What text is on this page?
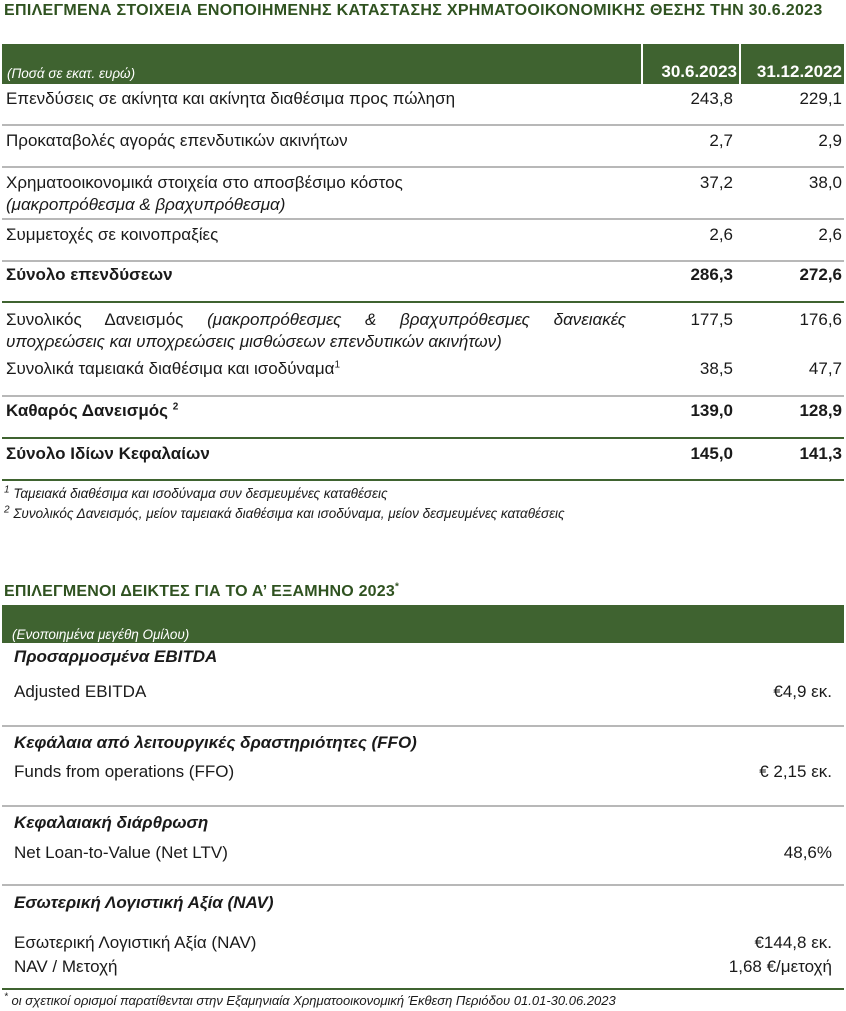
ΕΠΙΛΕΓΜΕΝΑ ΣΤΟΙΧΕΙΑ ΕΝΟΠΟΙΗΜΕΝΗΣ ΚΑΤΑΣΤΑΣΗΣ ΧΡΗΜΑΤΟΟΙΚΟΝΟΜΙΚΗΣ ΘΕΣΗΣ ΤΗΝ 30.6.2023
(Ποσά σε εκατ. ευρώ)	30.6.2023 31.12.2022
Επενδύσεις σε ακίνητα και ακίνητα διαθέσιμα προς πώληση	243,8	229,1
Προκαταβολές αγοράς επενδυτικών ακινήτων	2,7	2,9
Χρηματοοικονομικά στοιχεία στο αποσβέσιμο κόστος
(μακροπρόθεσμα & βραχυπρόθεσμα)
37,2	38,0
Συμμετοχές σε κοινοπραξίες	2,6	2,6
Σύνολο επενδύσεων	286,3	272,6
Συνολικός Δανεισμός (μακροπρόθεσμες & βραχυπρόθεσμες δανειακές υποχρεώσεις και υποχρεώσεις μισθώσεων επενδυτικών ακινήτων)
177,5	176,6
Συνολικά ταμειακά διαθέσιμα και ισοδύναμα$^1$	38,5	47,7
Καθαρός Δανεισμός $^2$	139,0	128,9
Σύνολο Ιδίων Κεφαλαίων	145,0	141,3
$^1$ Ταμειακά διαθέσιμα και ισοδύναμα συν δεσμευμένες καταθέσεις
$^2$ Συνολικός Δανεισμός, μείον ταμειακά διαθέσιμα και ισοδύναμα, μείον δεσμευμένες καταθέσεις
ΕΠΙΛΕΓΜΕΝΟΙ ΔΕΙΚΤΕΣ ΓΙΑ ΤΟ Α’ ΕΞΑΜΗΝΟ 2023*
(Ενοποιημένα μεγέθη Ομίλου)
Προσαρμοσμένα EBITDA
Adjusted EBITDA	€4,9 εκ.
Κεφάλαια από λειτουργικές δραστηριότητες (FFO)
Funds from operations (FFO)	€ 2,15 εκ.
Κεφαλαιακή διάρθρωση
Net Loan-to-Value (Net LTV)	48,6%
Εσωτερική Λογιστική Αξία (NAV)
Εσωτερική Λογιστική Αξία (NAV)	€144,8 εκ.
NAV / Μετοχή	1,68 €/μετοχή
* οι σχετικοί ορισμοί παρατίθενται στην Εξαμηνιαία Χρηματοοικονομική Έκθεση Περιόδου 01.01-30.06.2023
